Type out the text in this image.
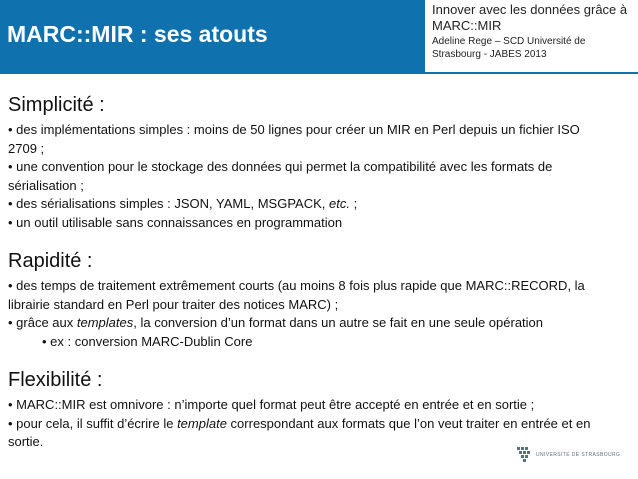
MARC::MIR : ses atouts
Innover avec les données grâce à MARC::MIR
Adeline Rege – SCD Université de Strasbourg - JABES 2013
Simplicité :

• des implémentations simples : moins de 50 lignes pour créer un MIR en Perl depuis un fichier ISO 2709 ;

• une convention pour le stockage des données qui permet la compatibilité avec les formats de sérialisation ;

• des sérialisations simples : JSON, YAML, MSGPACK, etc. ;

• un outil utilisable sans connaissances en programmation

Rapidité :

• des temps de traitement extrêmement courts (au moins 8 fois plus rapide que MARC::RECORD, la librairie standard en Perl pour traiter des notices MARC) ;

• grâce aux templates, la conversion d’un format dans un autre se fait en une seule opération

• ex : conversion MARC-Dublin Core

Flexibilité :

• MARC::MIR est omnivore : n’importe quel format peut être accepté en entrée et en sortie ;

• pour cela, il suffit d’écrire le template correspondant aux formats que l’on veut traiter en entrée et en sortie.

UNIVERSITÉ DE STRASBOURG
